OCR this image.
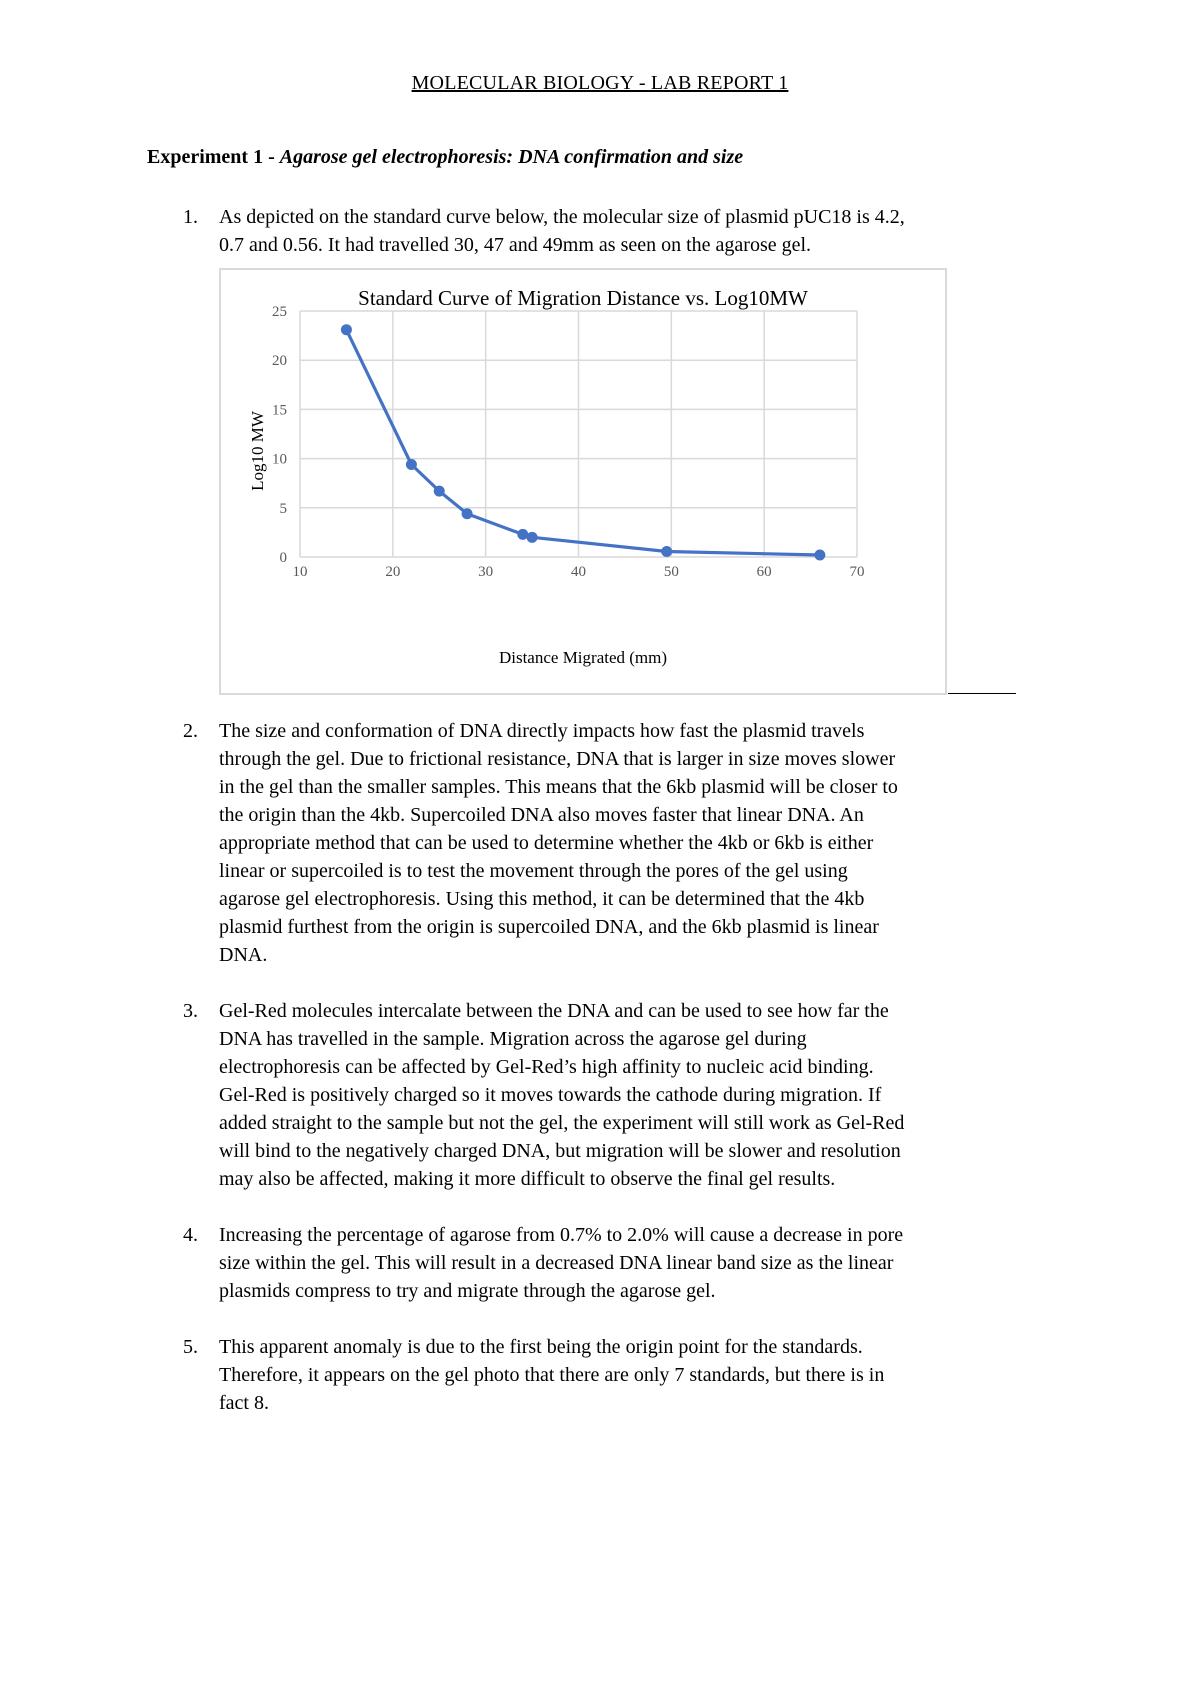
MOLECULAR BIOLOGY - LAB REPORT 1
Experiment 1 - Agarose gel electrophoresis: DNA confirmation and size
1. As depicted on the standard curve below, the molecular size of plasmid pUC18 is 4.2,
0.7 and 0.56. It had travelled 30, 47 and 49mm as seen on the agarose gel.
2. The size and conformation of DNA directly impacts how fast the plasmid travels
through the gel. Due to frictional resistance, DNA that is larger in size moves slower
in the gel than the smaller samples. This means that the 6kb plasmid will be closer to
the origin than the 4kb. Supercoiled DNA also moves faster that linear DNA. An
appropriate method that can be used to determine whether the 4kb or 6kb is either
linear or supercoiled is to test the movement through the pores of the gel using
agarose gel electrophoresis. Using this method, it can be determined that the 4kb
plasmid furthest from the origin is supercoiled DNA, and the 6kb plasmid is linear
DNA.
3. Gel-Red molecules intercalate between the DNA and can be used to see how far the
DNA has travelled in the sample. Migration across the agarose gel during
electrophoresis can be affected by Gel-Red’s high affinity to nucleic acid binding.
Gel-Red is positively charged so it moves towards the cathode during migration. If
added straight to the sample but not the gel, the experiment will still work as Gel-Red
will bind to the negatively charged DNA, but migration will be slower and resolution
may also be affected, making it more difficult to observe the final gel results.
4. Increasing the percentage of agarose from 0.7% to 2.0% will cause a decrease in pore
size within the gel. This will result in a decreased DNA linear band size as the linear
plasmids compress to try and migrate through the agarose gel.
5. This apparent anomaly is due to the first being the origin point for the standards.
Therefore, it appears on the gel photo that there are only 7 standards, but there is in
fact 8.
10	20	30	40	50	60	70
0
5
10
15
20
25
Standard Curve of Migration Distance vs. Log10MW
Distance Migrated (mm)
Log10 MW
